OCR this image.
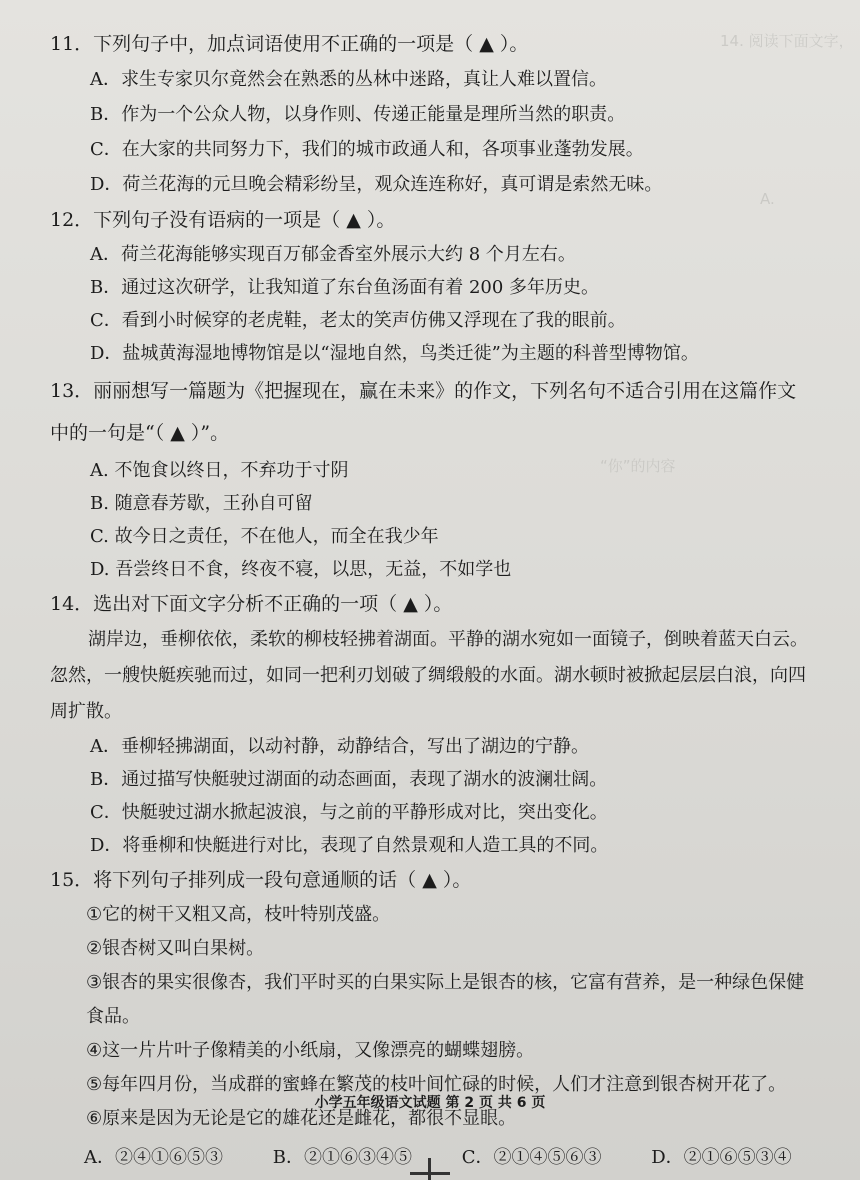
14. 阅读下面文字，
A.
“你”的内容

11．下列句子中，加点词语使用不正确的一项是（ ▲ ）。

A．求生专家贝尔竟然会在熟悉的丛林中迷路，真让人难以置信。

B．作为一个公众人物，以身作则、传递正能量是理所当然的职责。

C．在大家的共同努力下，我们的城市政通人和，各项事业蓬勃发展。

D．荷兰花海的元旦晚会精彩纷呈，观众连连称好，真可谓是索然无味。

12．下列句子没有语病的一项是（ ▲ ）。

A．荷兰花海能够实现百万郁金香室外展示大约 8 个月左右。

B．通过这次研学，让我知道了东台鱼汤面有着 200 多年历史。

C．看到小时候穿的老虎鞋，老太的笑声仿佛又浮现在了我的眼前。

D．盐城黄海湿地博物馆是以“湿地自然，鸟类迁徙”为主题的科普型博物馆。

13．丽丽想写一篇题为《把握现在，赢在未来》的作文，下列名句不适合引用在这篇作文中的一句是“（ ▲ ）”。

A. 不饱食以终日，不弃功于寸阴

B. 随意春芳歇，王孙自可留

C. 故今日之责任，不在他人，而全在我少年

D. 吾尝终日不食，终夜不寝，以思，无益，不如学也

14．选出对下面文字分析不正确的一项（ ▲ ）。

湖岸边，垂柳依依，柔软的柳枝轻拂着湖面。平静的湖水宛如一面镜子，倒映着蓝天白云。忽然，一艘快艇疾驰而过，如同一把利刃划破了绸缎般的水面。湖水顿时被掀起层层白浪，向四周扩散。

A．垂柳轻拂湖面，以动衬静，动静结合，写出了湖边的宁静。

B．通过描写快艇驶过湖面的动态画面，表现了湖水的波澜壮阔。

C．快艇驶过湖水掀起波浪，与之前的平静形成对比，突出变化。

D．将垂柳和快艇进行对比，表现了自然景观和人造工具的不同。

15．将下列句子排列成一段句意通顺的话（ ▲ ）。

①它的树干又粗又高，枝叶特别茂盛。

②银杏树又叫白果树。

③银杏的果实很像杏，我们平时买的白果实际上是银杏的核，它富有营养，是一种绿色保健食品。

④这一片片叶子像精美的小纸扇，又像漂亮的蝴蝶翅膀。

⑤每年四月份，当成群的蜜蜂在繁茂的枝叶间忙碌的时候，人们才注意到银杏树开花了。

⑥原来是因为无论是它的雄花还是雌花，都很不显眼。

A．②④①⑥⑤③	B．②①⑥③④⑤	C．②①④⑤⑥③	D．②①⑥⑤③④

小学五年级语文试题 第 2 页 共 6 页
